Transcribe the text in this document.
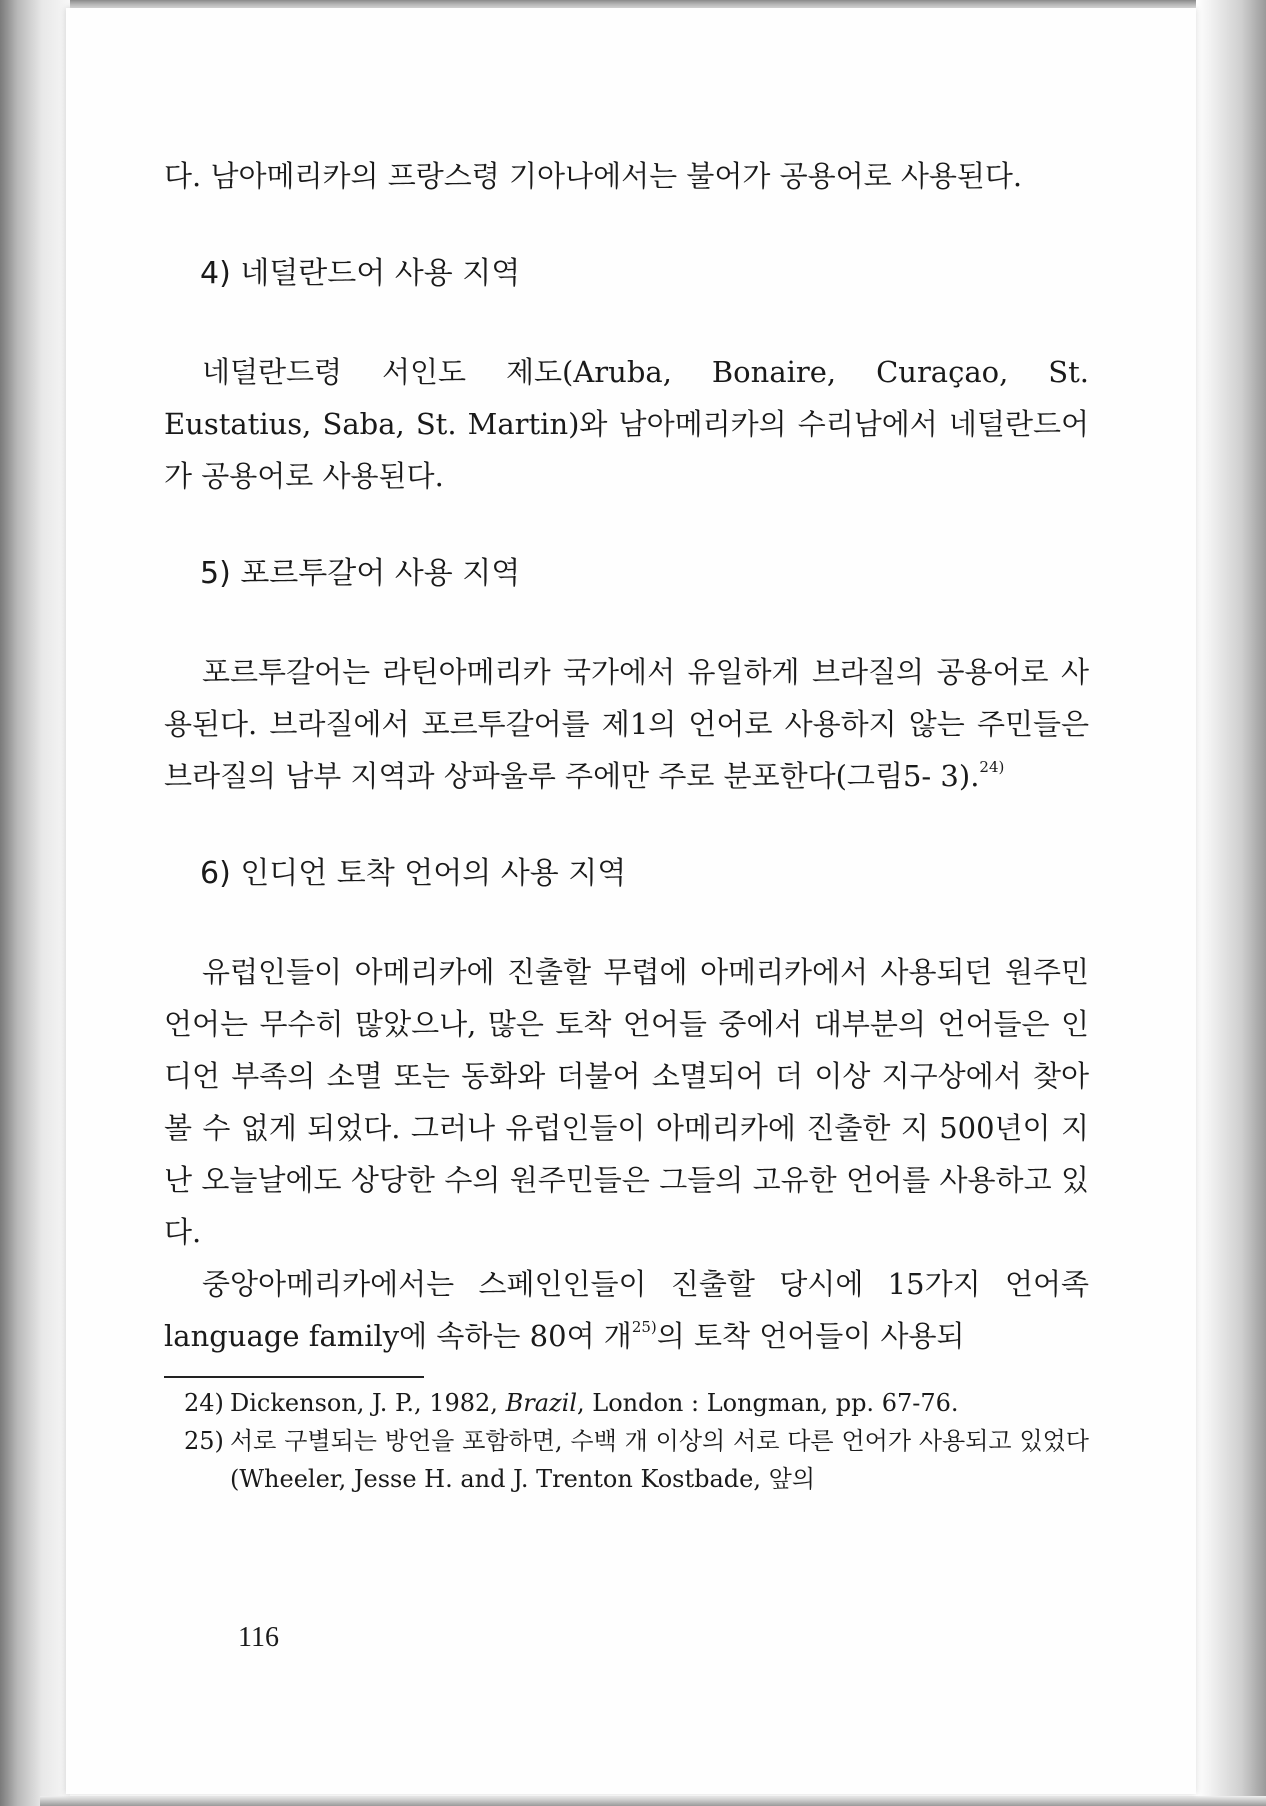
다. 남아메리카의 프랑스령 기아나에서는 불어가 공용어로 사용된다.

4) 네덜란드어 사용 지역

네덜란드령 서인도 제도(Aruba, Bonaire, Curaçao, St. Eustatius, Saba, St. Martin)와 남아메리카의 수리남에서 네덜란드어가 공용어로 사용된다.

5) 포르투갈어 사용 지역

포르투갈어는 라틴아메리카 국가에서 유일하게 브라질의 공용어로 사용된다. 브라질에서 포르투갈어를 제1의 언어로 사용하지 않는 주민들은 브라질의 남부 지역과 상파울루 주에만 주로 분포한다(그림5- 3).$^{24)}$

6) 인디언 토착 언어의 사용 지역

유럽인들이 아메리카에 진출할 무렵에 아메리카에서 사용되던 원주민 언어는 무수히 많았으나, 많은 토착 언어들 중에서 대부분의 언어들은 인디언 부족의 소멸 또는 동화와 더불어 소멸되어 더 이상 지구상에서 찾아볼 수 없게 되었다. 그러나 유럽인들이 아메리카에 진출한 지 500년이 지난 오늘날에도 상당한 수의 원주민들은 그들의 고유한 언어를 사용하고 있다.

중앙아메리카에서는 스페인인들이 진출할 당시에 15가지 언어족language family에 속하는 80여 개$^{25)}$의 토착 언어들이 사용되

24) Dickenson, J. P., 1982, Brazil, London : Longman, pp. 67-76.

25) 서로 구별되는 방언을 포함하면, 수백 개 이상의 서로 다른 언어가 사용되고 있었다(Wheeler, Jesse H. and J. Trenton Kostbade, 앞의

116
